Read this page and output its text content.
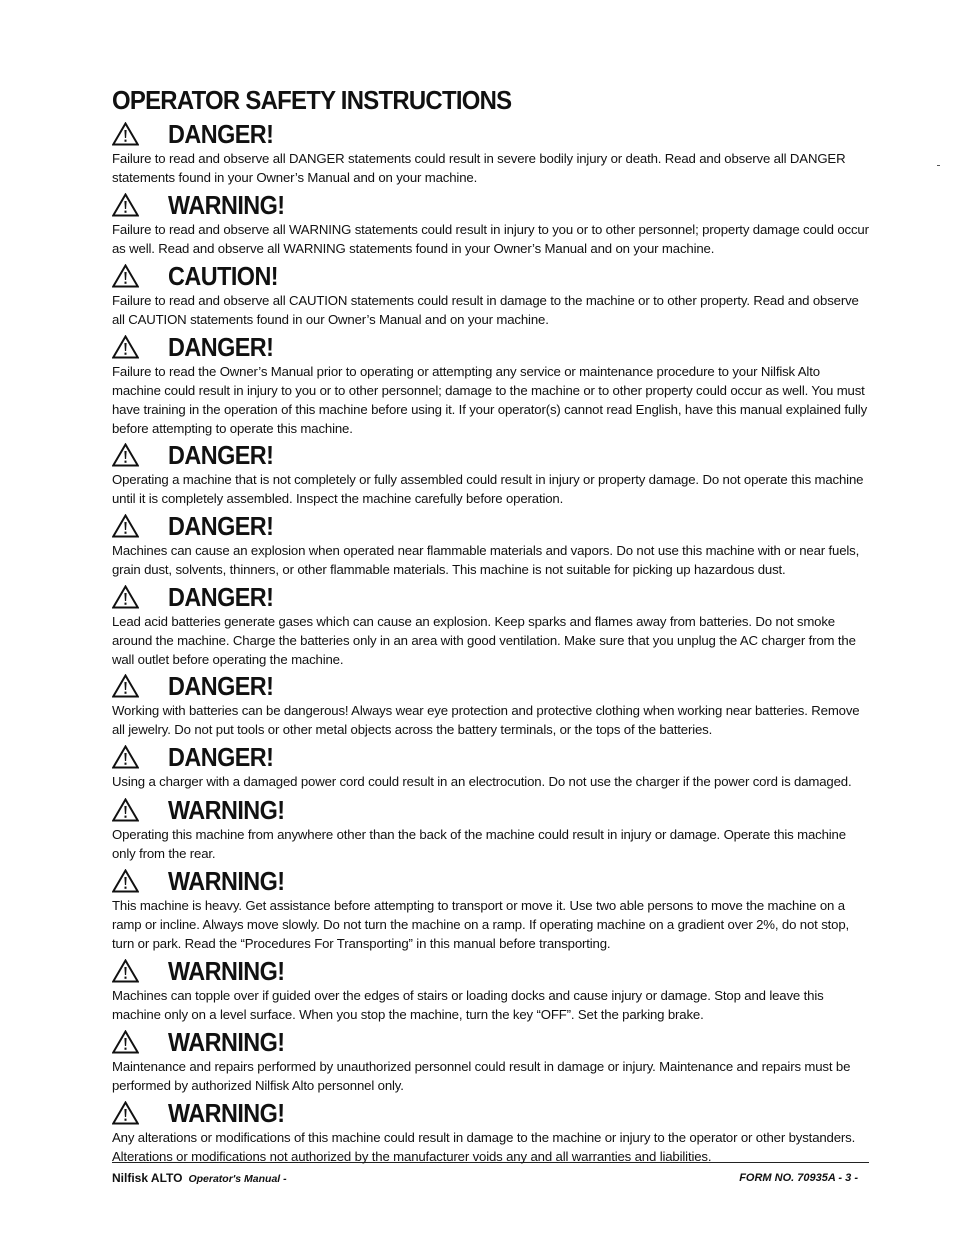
OPERATOR SAFETY INSTRUCTIONS
DANGER!

Failure to read and observe all DANGER statements could result in severe bodily injury or death. Read and observe all DANGER statements found in your Owner’s Manual and on your machine.

WARNING!

Failure to read and observe all WARNING statements could result in injury to you or to other personnel; property damage could occur as well. Read and observe all WARNING statements found in your Owner’s Manual and on your machine.

CAUTION!

Failure to read and observe all CAUTION statements could result in damage to the machine or to other property. Read and observe all CAUTION statements found in our Owner’s Manual and on your machine.

DANGER!

Failure to read the Owner’s Manual prior to operating or attempting any service or maintenance procedure to your Nilfisk Alto machine could result in injury to you or to other personnel; damage to the machine or to other property could occur as well. You must have training in the operation of this machine before using it. If your operator(s) cannot read English, have this manual explained fully before attempting to operate this machine.

DANGER!

Operating a machine that is not completely or fully assembled could result in injury or property damage. Do not operate this machine until it is completely assembled. Inspect the machine carefully before operation.

DANGER!

Machines can cause an explosion when operated near flammable materials and vapors. Do not use this machine with or near fuels, grain dust, solvents, thinners, or other flammable materials. This machine is not suitable for picking up hazardous dust.

DANGER!

Lead acid batteries generate gases which can cause an explosion. Keep sparks and flames away from batteries. Do not smoke around the machine. Charge the batteries only in an area with good ventilation. Make sure that you unplug the AC charger from the wall outlet before operating the machine.

DANGER!

Working with batteries can be dangerous! Always wear eye protection and protective clothing when working near batteries. Remove all jewelry. Do not put tools or other metal objects across the battery terminals, or the tops of the batteries.

DANGER!

Using a charger with a damaged power cord could result in an electrocution. Do not use the charger if the power cord is damaged.

WARNING!

Operating this machine from anywhere other than the back of the machine could result in injury or damage. Operate this machine only from the rear.

WARNING!

This machine is heavy. Get assistance before attempting to transport or move it. Use two able persons to move the machine on a ramp or incline. Always move slowly. Do not turn the machine on a ramp. If operating machine on a gradient over 2%, do not stop, turn or park. Read the “Procedures For Transporting” in this manual before transporting.

WARNING!

Machines can topple over if guided over the edges of stairs or loading docks and cause injury or damage. Stop and leave this machine only on a level surface. When you stop the machine, turn the key “OFF”. Set the parking brake.

WARNING!

Maintenance and repairs performed by unauthorized personnel could result in damage or injury. Maintenance and repairs must be performed by authorized Nilfisk Alto personnel only.

WARNING!

Any alterations or modifications of this machine could result in damage to the machine or injury to the operator or other bystanders. Alterations or modifications not authorized by the manufacturer voids any and all warranties and liabilities.

Nilfisk ALTO Operator's Manual -	FORM NO. 70935A - 3 -
